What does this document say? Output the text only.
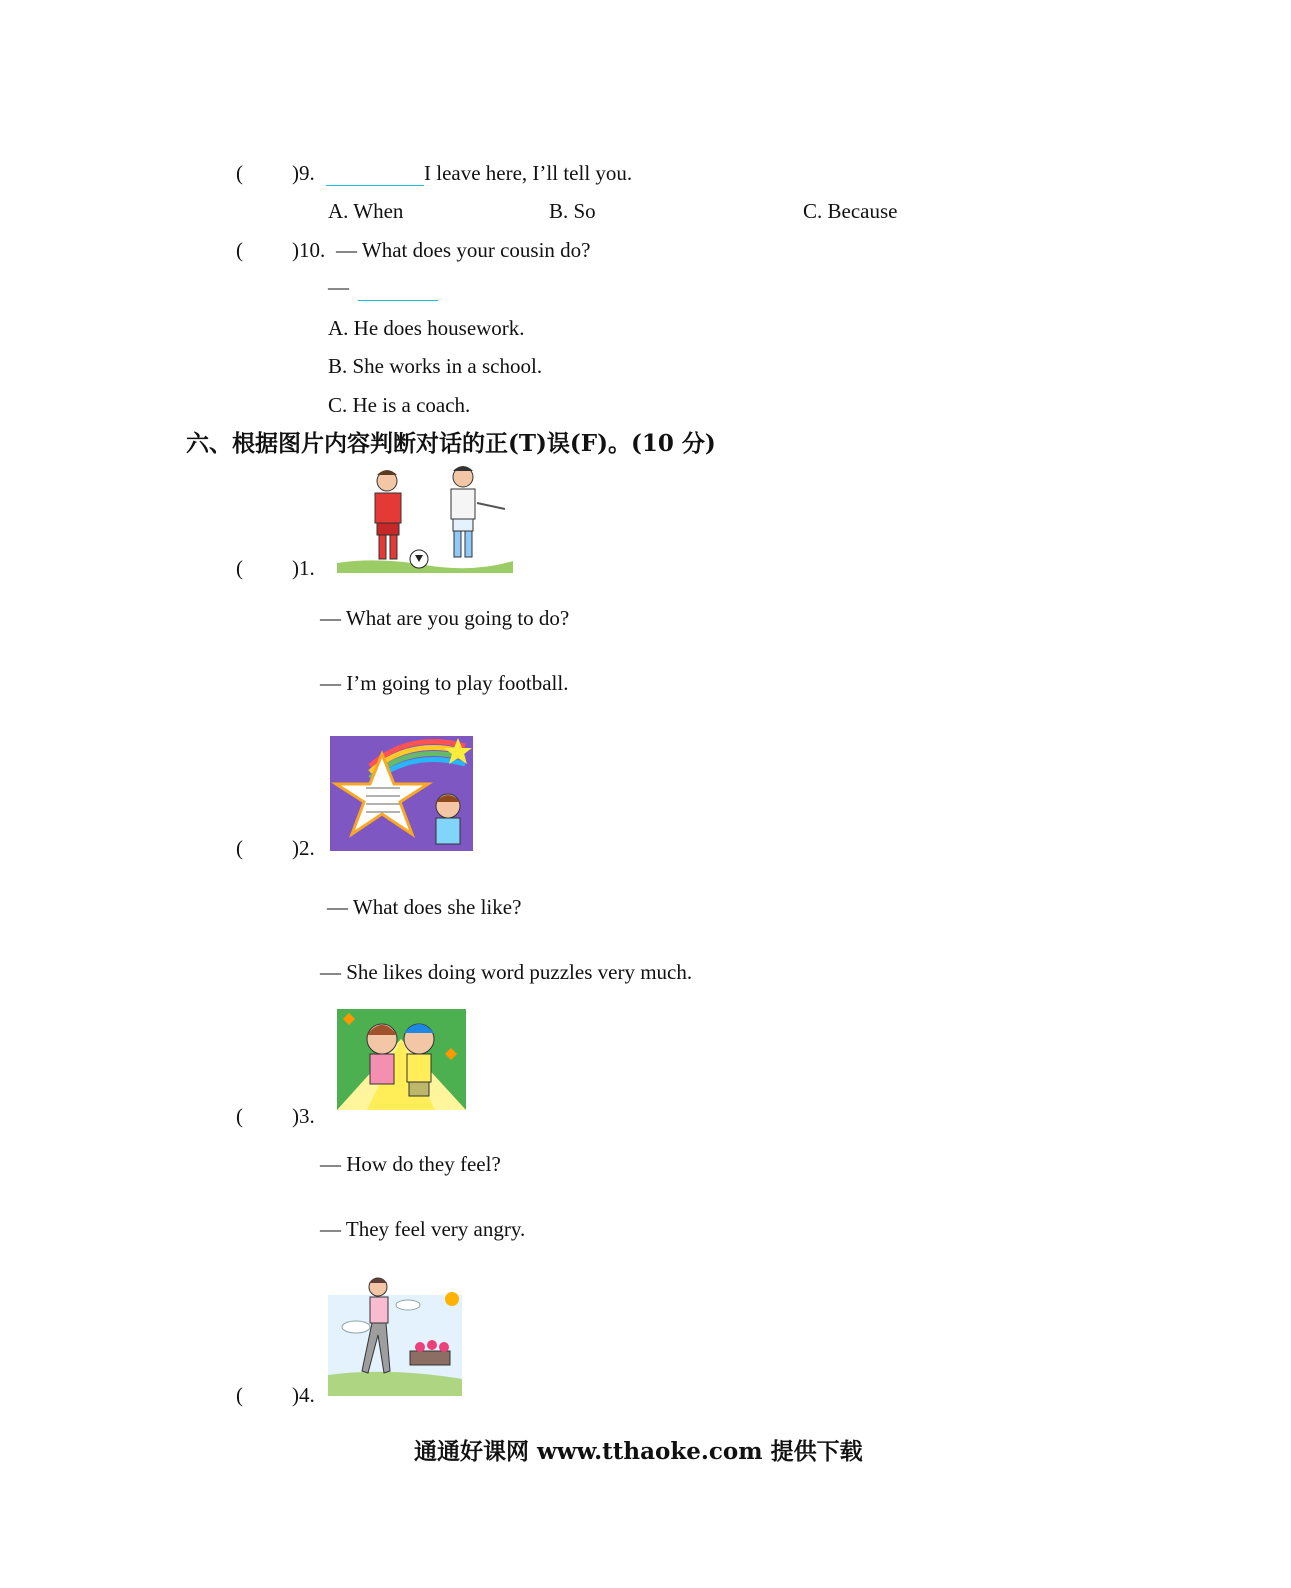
( )9.	I leave here, I’ll tell you.
A. When	B. So	C. Because
( )10. — What does your cousin do?
—
A. He does housework.
B. She works in a school.
C. He is a coach.
六、根据图片内容判断对话的正(T)误(F)。(10 分)
( )1.
— What are you going to do?
— I’m going to play football.
( )2.
— What does she like?
— She likes doing word puzzles very much.
( )3.
— How do they feel?
— They feel very angry.
( )4.
通通好课网 www.tthaoke.com 提供下载
